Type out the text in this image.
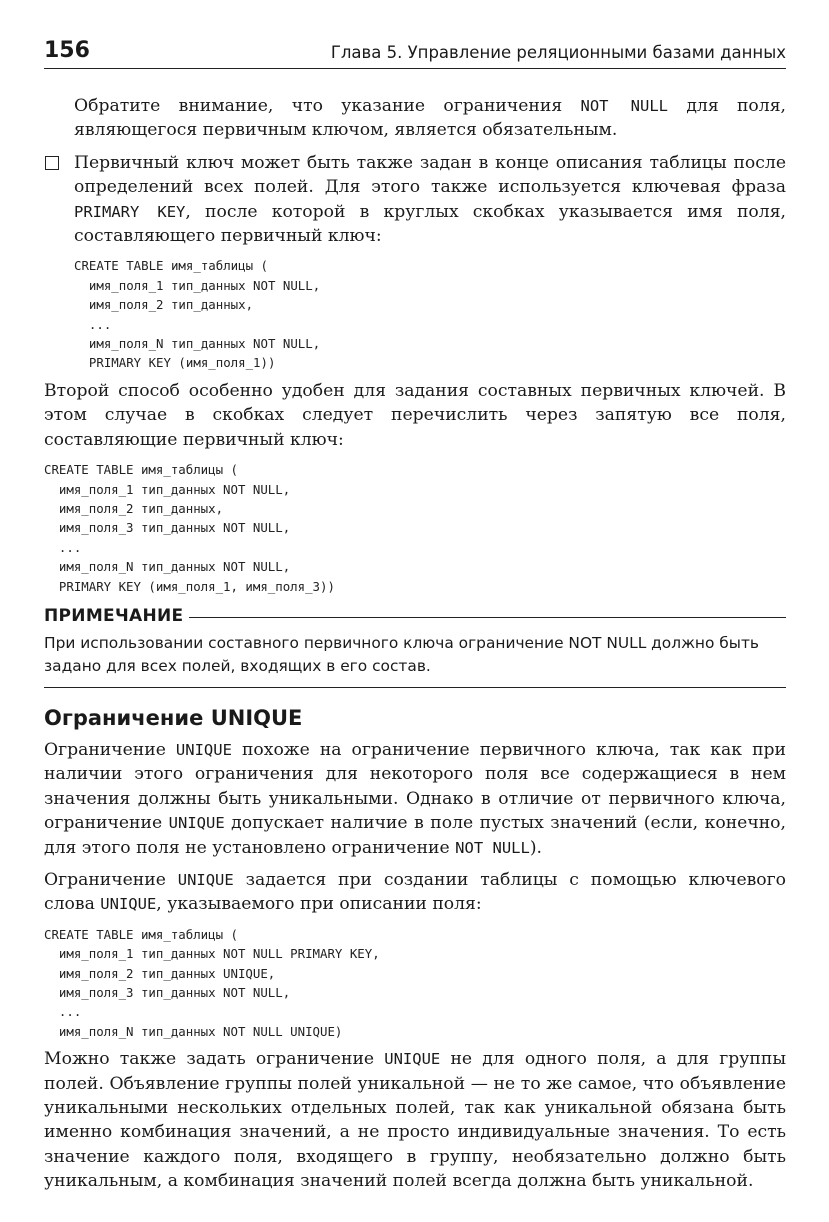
156	Глава 5. Управление реляционными базами данных

Обратите внимание, что указание ограничения NOT NULL для поля, являющегося первичным ключом, является обязательным.

Первичный ключ может быть также задан в конце описания таблицы после определений всех полей. Для этого также используется ключевая фраза PRIMARY KEY, после которой в круглых скобках указывается имя поля, составляющего первичный ключ:

CREATE TABLE имя_таблицы (
имя_поля_1 тип_данных NOT NULL,
имя_поля_2 тип_данных,
...
имя_поля_N тип_данных NOT NULL,
PRIMARY KEY (имя_поля_1))

Второй способ особенно удобен для задания составных первичных ключей. В этом случае в скобках следует перечислить через запятую все поля, составляющие первичный ключ:

CREATE TABLE имя_таблицы (
имя_поля_1 тип_данных NOT NULL,
имя_поля_2 тип_данных,
имя_поля_3 тип_данных NOT NULL,
...
имя_поля_N тип_данных NOT NULL,
PRIMARY KEY (имя_поля_1, имя_поля_3))
ПРИМЕЧАНИЕ

При использовании составного первичного ключа ограничение NOT NULL должно быть задано для всех полей, входящих в его состав.

Ограничение UNIQUE

Ограничение UNIQUE похоже на ограничение первичного ключа, так как при наличии этого ограничения для некоторого поля все содержащиеся в нем значения должны быть уникальными. Однако в отличие от первичного ключа, ограничение UNIQUE допускает наличие в поле пустых значений (если, конечно, для этого поля не установлено ограничение NOT NULL).

Ограничение UNIQUE задается при создании таблицы с помощью ключевого слова UNIQUE, указываемого при описании поля:

CREATE TABLE имя_таблицы (
имя_поля_1 тип_данных NOT NULL PRIMARY KEY,
имя_поля_2 тип_данных UNIQUE,
имя_поля_3 тип_данных NOT NULL,
...
имя_поля_N тип_данных NOT NULL UNIQUE)

Можно также задать ограничение UNIQUE не для одного поля, а для группы полей. Объявление группы полей уникальной — не то же самое, что объявление уникальными нескольких отдельных полей, так как уникальной обязана быть именно комбинация значений, а не просто индивидуальные значения. То есть значение каждого поля, входящего в группу, необязательно должно быть уникальным, а комбинация значений полей всегда должна быть уникальной.
